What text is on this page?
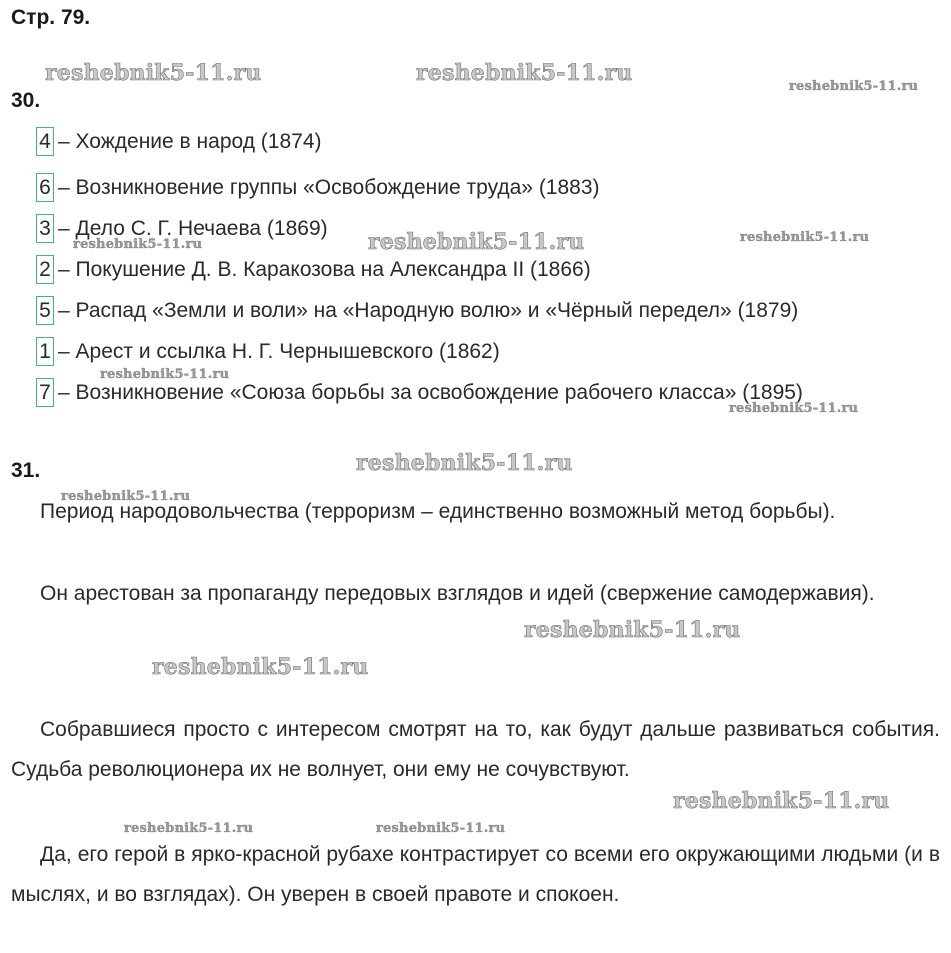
Стр. 79.
30.
4 – Хождение в народ (1874)
6 – Возникновение группы «Освобождение труда» (1883)
3 – Дело С. Г. Нечаева (1869)
2 – Покушение Д. В. Каракозова на Александра II (1866)
5 – Распад «Земли и воли» на «Народную волю» и «Чёрный передел» (1879)
1 – Арест и ссылка Н. Г. Чернышевского (1862)
7 – Возникновение «Союза борьбы за освобождение рабочего класса» (1895)
31.

Период народовольчества (терроризм – единственно возможный метод борьбы).

Он арестован за пропаганду передовых взглядов и идей (свержение самодержавия).

Собравшиеся просто с интересом смотрят на то, как будут дальше развиваться события. Судьба революционера их не волнует, они ему не сочувствуют.

Да, его герой в ярко-красной рубахе контрастирует со всеми его окружающими людьми (и в мыслях, и во взглядах). Он уверен в своей правоте и спокоен.

reshebnik5-11.ru	reshebnik5-11.ru
reshebnik5-11.ru
reshebnik5-11.ru	reshebnik5-11.ru	reshebnik5-11.ru
reshebnik5-11.ru
reshebnik5-11.ru
reshebnik5-11.ru
reshebnik5-11.ru
reshebnik5-11.ru
reshebnik5-11.ru
reshebnik5-11.ru
reshebnik5-11.ru	reshebnik5-11.ru
